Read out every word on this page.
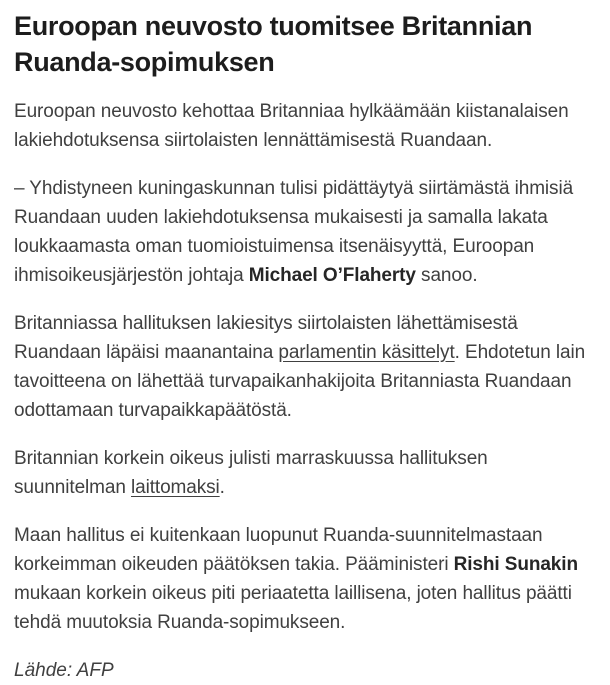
Euroopan neuvosto tuomitsee Britannian Ruanda-sopimuksen

Euroopan neuvosto kehottaa Britanniaa hylkäämään kiistanalaisen lakiehdotuksensa siirtolaisten lennättämisestä Ruandaan.

– Yhdistyneen kuningaskunnan tulisi pidättäytyä siirtämästä ihmisiä Ruandaan uuden lakiehdotuksensa mukaisesti ja samalla lakata loukkaamasta oman tuomioistuimensa itsenäisyyttä, Euroopan ihmisoikeusjärjestön johtaja Michael O’Flaherty sanoo.

Britanniassa hallituksen lakiesitys siirtolaisten lähettämisestä Ruandaan läpäisi maanantaina parlamentin käsittelyt. Ehdotetun lain tavoitteena on lähettää turvapaikanhakijoita Britanniasta Ruandaan odottamaan turvapaikkapäätöstä.

Britannian korkein oikeus julisti marraskuussa hallituksen suunnitelman laittomaksi.

Maan hallitus ei kuitenkaan luopunut Ruanda-suunnitelmastaan korkeimman oikeuden päätöksen takia. Pääministeri Rishi Sunakin mukaan korkein oikeus piti periaatetta laillisena, joten hallitus päätti tehdä muutoksia Ruanda-sopimukseen.

Lähde: AFP
